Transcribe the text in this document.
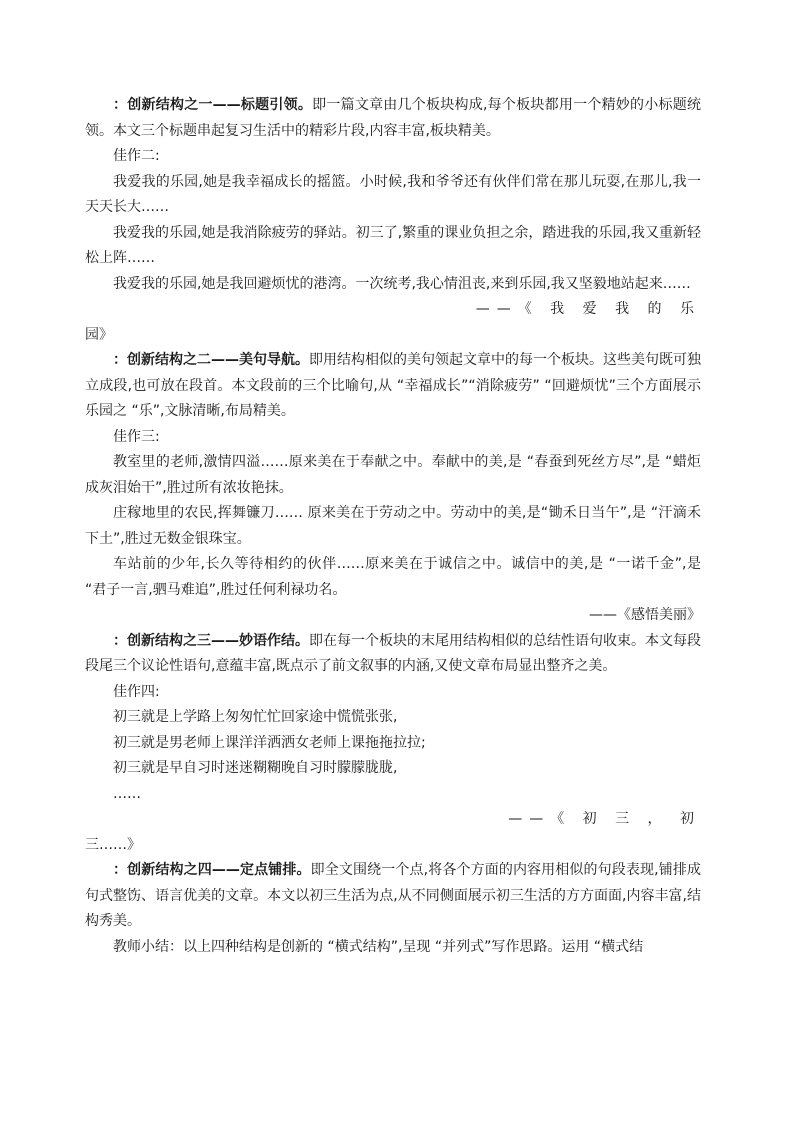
：创新结构之一——标题引领。即一篇文章由几个板块构成,每个板块都用一个精妙的小标题统领。本文三个标题串起复习生活中的精彩片段,内容丰富,板块精美。

佳作二:

我爱我的乐园,她是我幸福成长的摇篮。小时候,我和爷爷还有伙伴们常在那儿玩耍,在那儿,我一天天长大……

我爱我的乐园,她是我消除疲劳的驿站。初三了,繁重的课业负担之余，踏进我的乐园,我又重新轻松上阵……

我爱我的乐园,她是我回避烦忧的港湾。一次统考,我心情沮丧,来到乐园,我又坚毅地站起来……

——《 我 爱 我 的 乐
园》

：创新结构之二——美句导航。即用结构相似的美句领起文章中的每一个板块。这些美句既可独立成段,也可放在段首。本文段前的三个比喻句,从 “幸福成长”“消除疲劳” “回避烦忧”三个方面展示乐园之 “乐”,文脉清晰,布局精美。

佳作三:

教室里的老师,激情四溢……原来美在于奉献之中。奉献中的美,是 “春蚕到死丝方尽”,是 “蜡炬成灰泪始干”,胜过所有浓妆艳抹。

庄稼地里的农民,挥舞镰刀…… 原来美在于劳动之中。劳动中的美,是“锄禾日当午”,是 “汗滴禾下土”,胜过无数金银珠宝。

车站前的少年,长久等待相约的伙伴……原来美在于诚信之中。诚信中的美,是 “一诺千金”,是 “君子一言,驷马难追”,胜过任何利禄功名。

——《感悟美丽》

：创新结构之三——妙语作结。即在每一个板块的末尾用结构相似的总结性语句收束。本文每段段尾三个议论性语句,意蕴丰富,既点示了前文叙事的内涵,又使文章布局显出整齐之美。

佳作四:

初三就是上学路上匆匆忙忙回家途中慌慌张张,

初三就是男老师上课洋洋洒洒女老师上课拖拖拉拉;

初三就是早自习时迷迷糊糊晚自习时朦朦胧胧,

……

——《 初 三 ， 初
三……》

：创新结构之四——定点铺排。即全文围绕一个点,将各个方面的内容用相似的句段表现,铺排成句式整饬、语言优美的文章。本文以初三生活为点,从不同侧面展示初三生活的方方面面,内容丰富,结构秀美。

教师小结：以上四种结构是创新的 “横式结构”,呈现 “并列式”写作思路。运用 “横式结
